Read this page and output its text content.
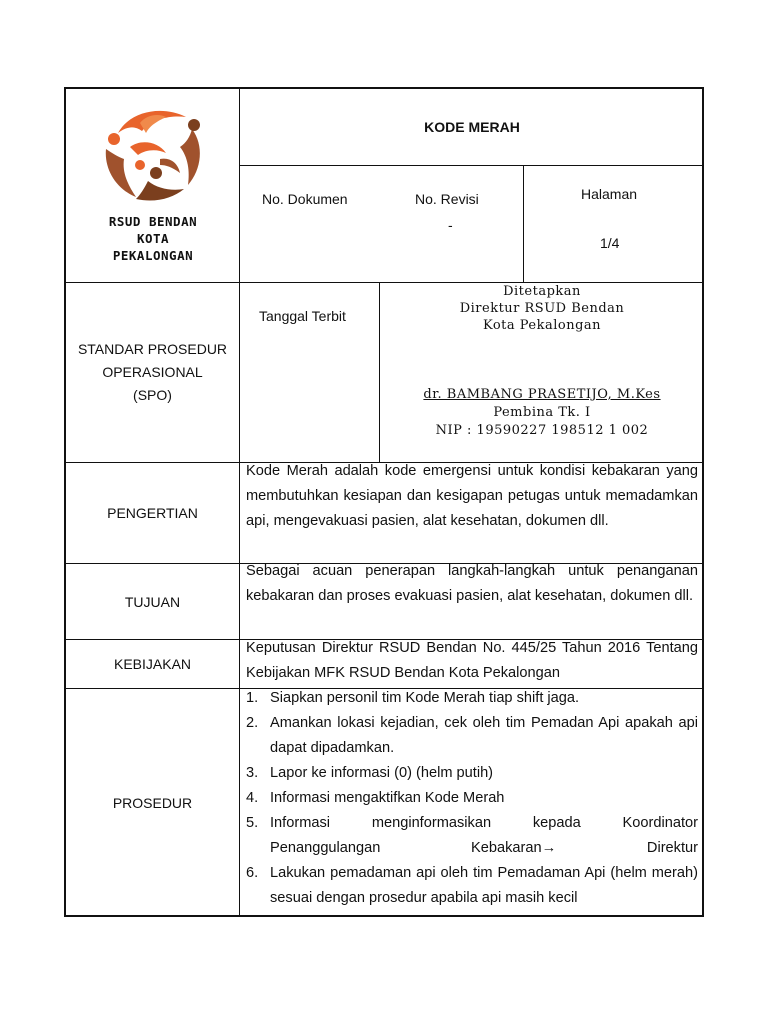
RSUD BENDAN
KOTA
PEKALONGAN
KODE MERAH
No. Dokumen	No. Revisi
-
Halaman
1/4
STANDAR PROSEDUR
OPERASIONAL
(SPO)
Tanggal Terbit
Ditetapkan
Direktur RSUD Bendan
Kota Pekalongan
dr. BAMBANG PRASETIJO, M.Kes
Pembina Tk. I
NIP : 19590227 198512 1 002
PENGERTIAN
Kode Merah adalah kode emergensi untuk kondisi kebakaran yang membutuhkan kesiapan dan kesigapan petugas untuk memadamkan api, mengevakuasi pasien, alat kesehatan, dokumen dll.
TUJUAN
Sebagai acuan penerapan langkah-langkah untuk penanganan kebakaran dan proses evakuasi pasien, alat kesehatan, dokumen dll.
KEBIJAKAN
Keputusan Direktur RSUD Bendan No. 445/25 Tahun 2016 Tentang Kebijakan MFK RSUD Bendan Kota Pekalongan
PROSEDUR
1. Siapkan personil tim Kode Merah tiap shift jaga.
2. Amankan lokasi kejadian, cek oleh tim Pemadan Api apakah api dapat dipadamkan.
3. Lapor ke informasi (0) (helm putih)
4. Informasi mengaktifkan Kode Merah
5. Informasi menginformasikan kepada Koordinator Penanggulangan Kebakaran→ Direktur
6. Lakukan pemadaman api oleh tim Pemadaman Api (helm merah) sesuai dengan prosedur apabila api masih kecil
